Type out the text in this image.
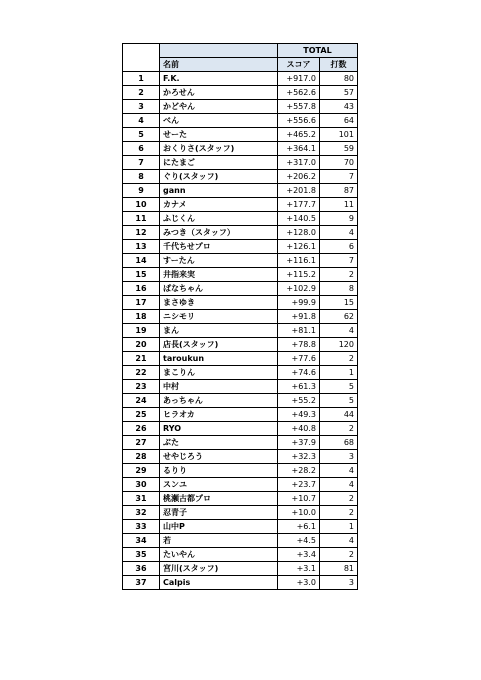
		TOTAL	
	名前	スコア	打数
1	F.K.	+917.0	80
2	かろせん	+562.6	57
3	かどやん	+557.8	43
4	べん	+556.6	64
5	せーた	+465.2	101
6	おくりさ(スタッフ)	+364.1	59
7	にたまご	+317.0	70
8	ぐり(スタッフ)	+206.2	7
9	gann	+201.8	87
10	カナメ	+177.7	11
11	ふじくん	+140.5	9
12	みつき（スタッフ）	+128.0	4
13	千代ちせプロ	+126.1	6
14	すーたん	+116.1	7
15	井指来実	+115.2	2
16	ぱなちゃん	+102.9	8
17	まさゆき	+99.9	15
18	ニシモリ	+91.8	62
19	まん	+81.1	4
20	店長(スタッフ)	+78.8	120
21	taroukun	+77.6	2
22	まこりん	+74.6	1
23	中村	+61.3	5
24	あっちゃん	+55.2	5
25	ヒラオカ	+49.3	44
26	RYO	+40.8	2
27	ぶた	+37.9	68
28	せやじろう	+32.3	3
29	るりり	+28.2	4
30	スンユ	+23.7	4
31	桃瀬古都プロ	+10.7	2
32	忍青子	+10.0	2
33	山中P	+6.1	1
34	若	+4.5	4
35	たいやん	+3.4	2
36	宮川(スタッフ)	+3.1	81
37	Calpis	+3.0	3
